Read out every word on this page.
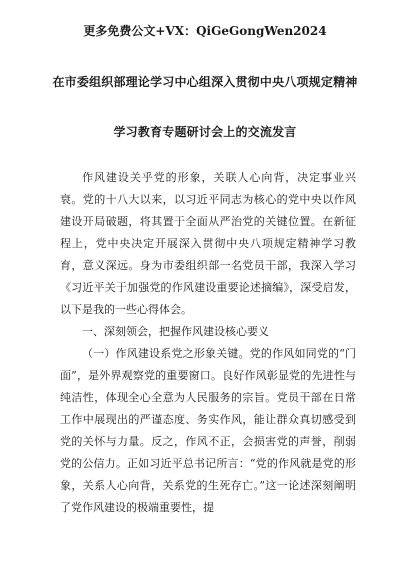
更多免费公文+VX：QiGeGongWen2024
在市委组织部理论学习中心组深入贯彻中央八项规定精神
学习教育专题研讨会上的交流发言

作风建设关乎党的形象，关联人心向背，决定事业兴衰。党的十八大以来，以习近平同志为核心的党中央以作风建设开局破题，将其置于全面从严治党的关键位置。在新征程上，党中央决定开展深入贯彻中央八项规定精神学习教育，意义深远。身为市委组织部一名党员干部，我深入学习《习近平关于加强党的作风建设重要论述摘编》，深受启发，以下是我的一些心得体会。

一、深刻领会，把握作风建设核心要义

（一）作风建设系党之形象关键。党的作风如同党的“门面”，是外界观察党的重要窗口。良好作风彰显党的先进性与纯洁性，体现全心全意为人民服务的宗旨。党员干部在日常工作中展现出的严谨态度、务实作风，能让群众真切感受到党的关怀与力量。反之，作风不正，会损害党的声誉，削弱党的公信力。正如习近平总书记所言：“党的作风就是党的形象，关系人心向背，关系党的生死存亡。”这一论述深刻阐明了党作风建设的极端重要性，提
